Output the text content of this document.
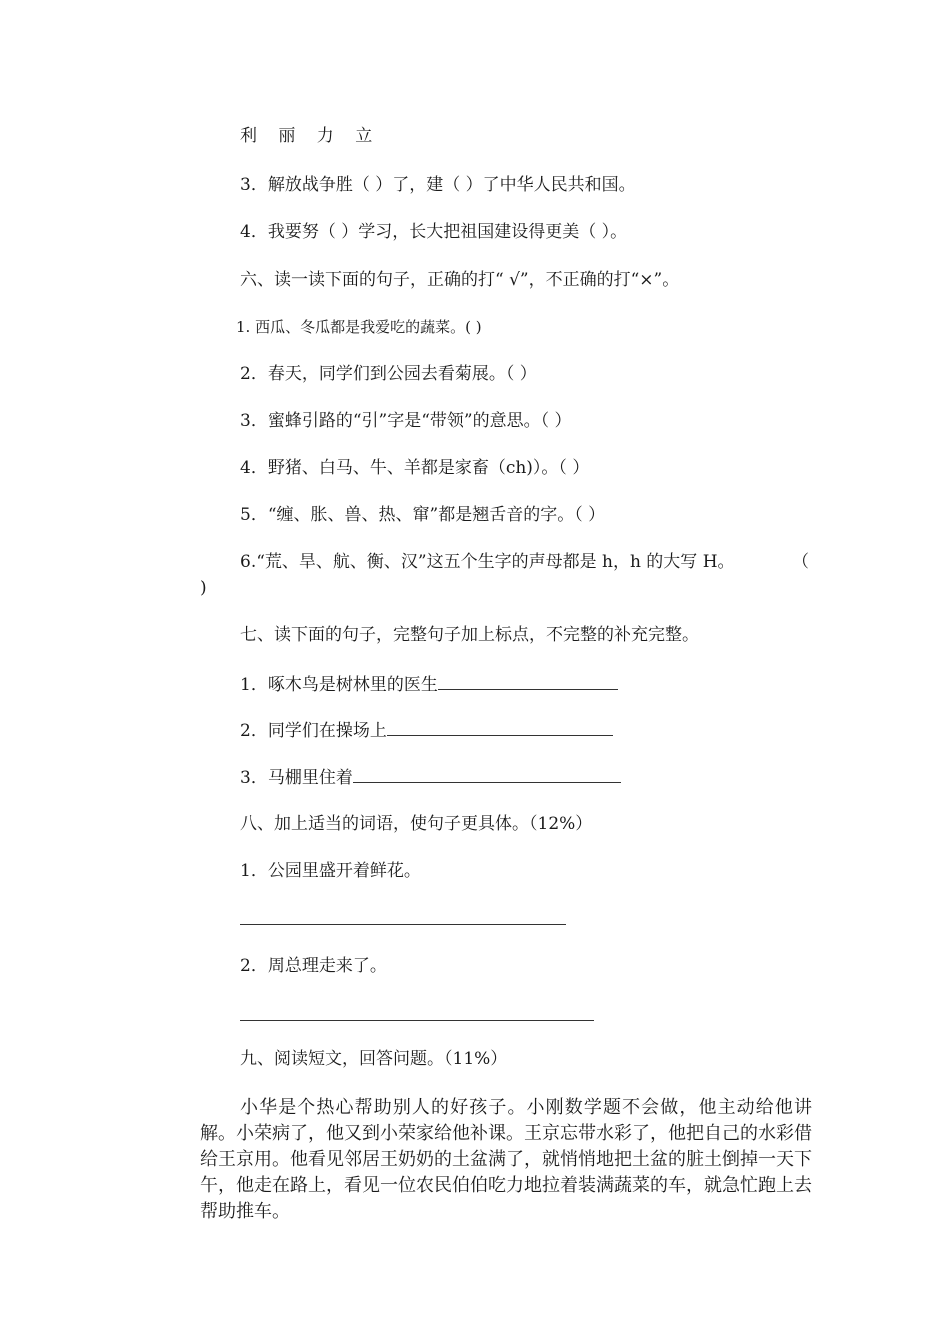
利 丽 力 立
3．解放战争胜（ ）了，建（ ）了中华人民共和国。
4．我要努（ ）学习，长大把祖国建设得更美（ ）。
六、读一读下面的句子，正确的打“ √”，不正确的打“×”。
1. 西瓜、冬瓜都是我爱吃的蔬菜。( )
2．春天，同学们到公园去看菊展。（ ）
3．蜜蜂引路的“引”字是“带领”的意思。（ ）
4．野猪、白马、牛、羊都是家畜（ch)）。（ ）
5．“缠、胀、兽、热、窜”都是翘舌音的字。（ ）
6.“荒、旱、航、衡、汉”这五个生字的声母都是 h，h 的大写 H。	（
)
七、读下面的句子，完整句子加上标点，不完整的补充完整。
1．啄木鸟是树林里的医生
2．同学们在操场上
3．马棚里住着
八、加上适当的词语，使句子更具体。（12%）
1．公园里盛开着鲜花。
2．周总理走来了。
九、阅读短文，回答问题。（11%）
小华是个热心帮助别人的好孩子。小刚数学题不会做，他主动给他讲解。小荣病了，他又到小荣家给他补课。王京忘带水彩了，他把自己的水彩借给王京用。他看见邻居王奶奶的土盆满了，就悄悄地把土盆的脏土倒掉一天下午，他走在路上，看见一位农民伯伯吃力地拉着装满蔬菜的车，就急忙跑上去帮助推车。
